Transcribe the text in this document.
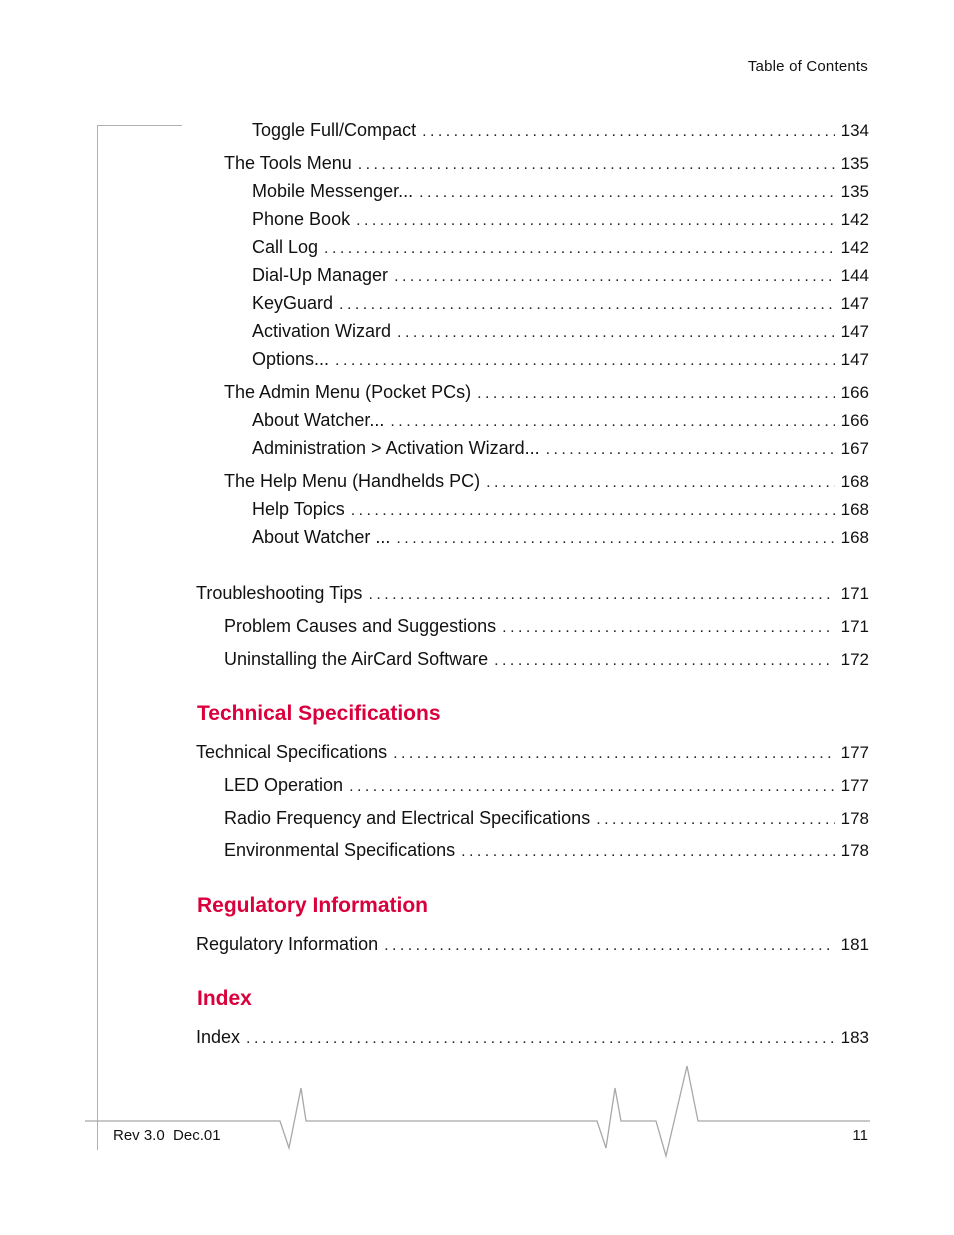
Table of Contents
Toggle Full/Compact . . .	134
The Tools Menu . . .	135
Mobile Messenger... . . .	135
Phone Book . . .	142
Call Log . . .	142
Dial-Up Manager . . .	144
KeyGuard . . .	147
Activation Wizard . . .	147
Options... . . .	147
The Admin Menu (Pocket PCs) . . .	166
About Watcher... . . .	166
Administration > Activation Wizard... . . .	167
The Help Menu (Handhelds PC) . . .	168
Help Topics . . .	168
About Watcher ... . . .	168
Troubleshooting Tips . . .	171
Problem Causes and Suggestions . . .	171
Uninstalling the AirCard Software . . .	172
Technical Specifications
Technical Specifications . . .	177
LED Operation . . .	177
Radio Frequency and Electrical Specifications . . .	178
Environmental Specifications . . .	178
Regulatory Information
Regulatory Information . . .	181
Index
Index . . .	183
Rev 3.0  Dec.01	11
